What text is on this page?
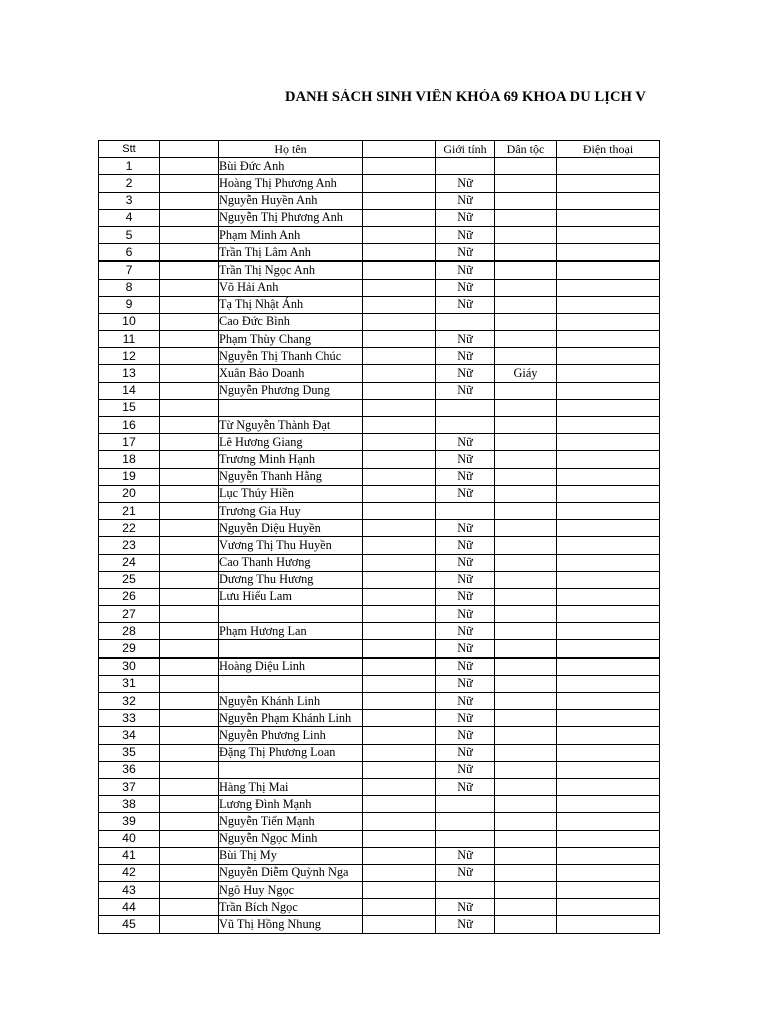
DANH SÁCH SINH VIÊN KHÓA 69 KHOA DU LỊCH V
Stt		Họ tên		Giới tính	Dân tộc	Điện thoại
1		Bùi Đức Anh				
2		Hoàng Thị Phương Anh		Nữ		
3		Nguyễn Huyền Anh		Nữ		
4		Nguyễn Thị Phương Anh		Nữ		
5		Phạm Minh Anh		Nữ		
6		Trần Thị Lâm Anh		Nữ		
7		Trần Thị Ngọc Anh		Nữ		
8		Võ Hải Anh		Nữ		
9		Tạ Thị Nhật Ánh		Nữ		
10		Cao Đức Bình				
11		Phạm Thùy Chang		Nữ		
12		Nguyễn Thị Thanh Chúc		Nữ		
13		Xuân Bảo Doanh		Nữ	Giáy	
14		Nguyễn Phương Dung		Nữ		
15						
16		Từ Nguyễn Thành Đạt				
17		Lê Hương Giang		Nữ		
18		Trương Minh Hạnh		Nữ		
19		Nguyễn Thanh Hằng		Nữ		
20		Lục Thúy Hiền		Nữ		
21		Trương Gia Huy				
22		Nguyễn Diệu Huyền		Nữ		
23		Vương Thị Thu Huyền		Nữ		
24		Cao Thanh Hương		Nữ		
25		Dương Thu Hương		Nữ		
26		Lưu Hiểu Lam		Nữ		
27				Nữ		
28		Phạm Hương Lan		Nữ		
29				Nữ		
30		Hoàng Diệu Linh		Nữ		
31				Nữ		
32		Nguyễn Khánh Linh		Nữ		
33		Nguyễn Phạm Khánh Linh		Nữ		
34		Nguyễn Phương Linh		Nữ		
35		Đặng Thị Phương Loan		Nữ		
36				Nữ		
37		Hàng Thị Mai		Nữ		
38		Lương Đình Mạnh				
39		Nguyễn Tiến Mạnh				
40		Nguyễn Ngọc Minh				
41		Bùi Thị My		Nữ		
42		Nguyễn Diễm Quỳnh Nga		Nữ		
43		Ngô Huy Ngọc				
44		Trần Bích Ngọc		Nữ		
45		Vũ Thị Hồng Nhung		Nữ		
